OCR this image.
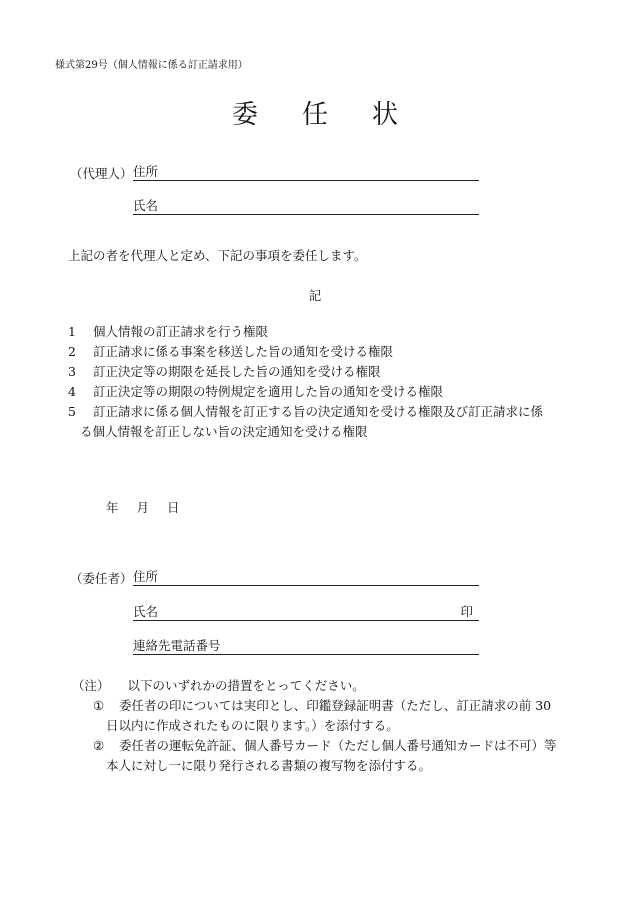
様式第29号（個人情報に係る訂正請求用）
委任状
（代理人） 住所
氏名
上記の者を代理人と定め、下記の事項を委任します。
記
1 個人情報の訂正請求を行う権限
2 訂正請求に係る事案を移送した旨の通知を受ける権限
3 訂正決定等の期限を延長した旨の通知を受ける権限
4 訂正決定等の期限の特例規定を適用した旨の通知を受ける権限
5 訂正請求に係る個人情報を訂正する旨の決定通知を受ける権限及び訂正請求に係
る個人情報を訂正しない旨の決定通知を受ける権限
年 月 日
（委任者） 住所
氏名	印
連絡先電話番号
（注） 以下のいずれかの措置をとってください。
① 委任者の印については実印とし、印鑑登録証明書（ただし、訂正請求の前 30
日以内に作成されたものに限ります。）を添付する。
② 委任者の運転免許証、個人番号カード（ただし個人番号通知カードは不可）等
本人に対し一に限り発行される書類の複写物を添付する。
